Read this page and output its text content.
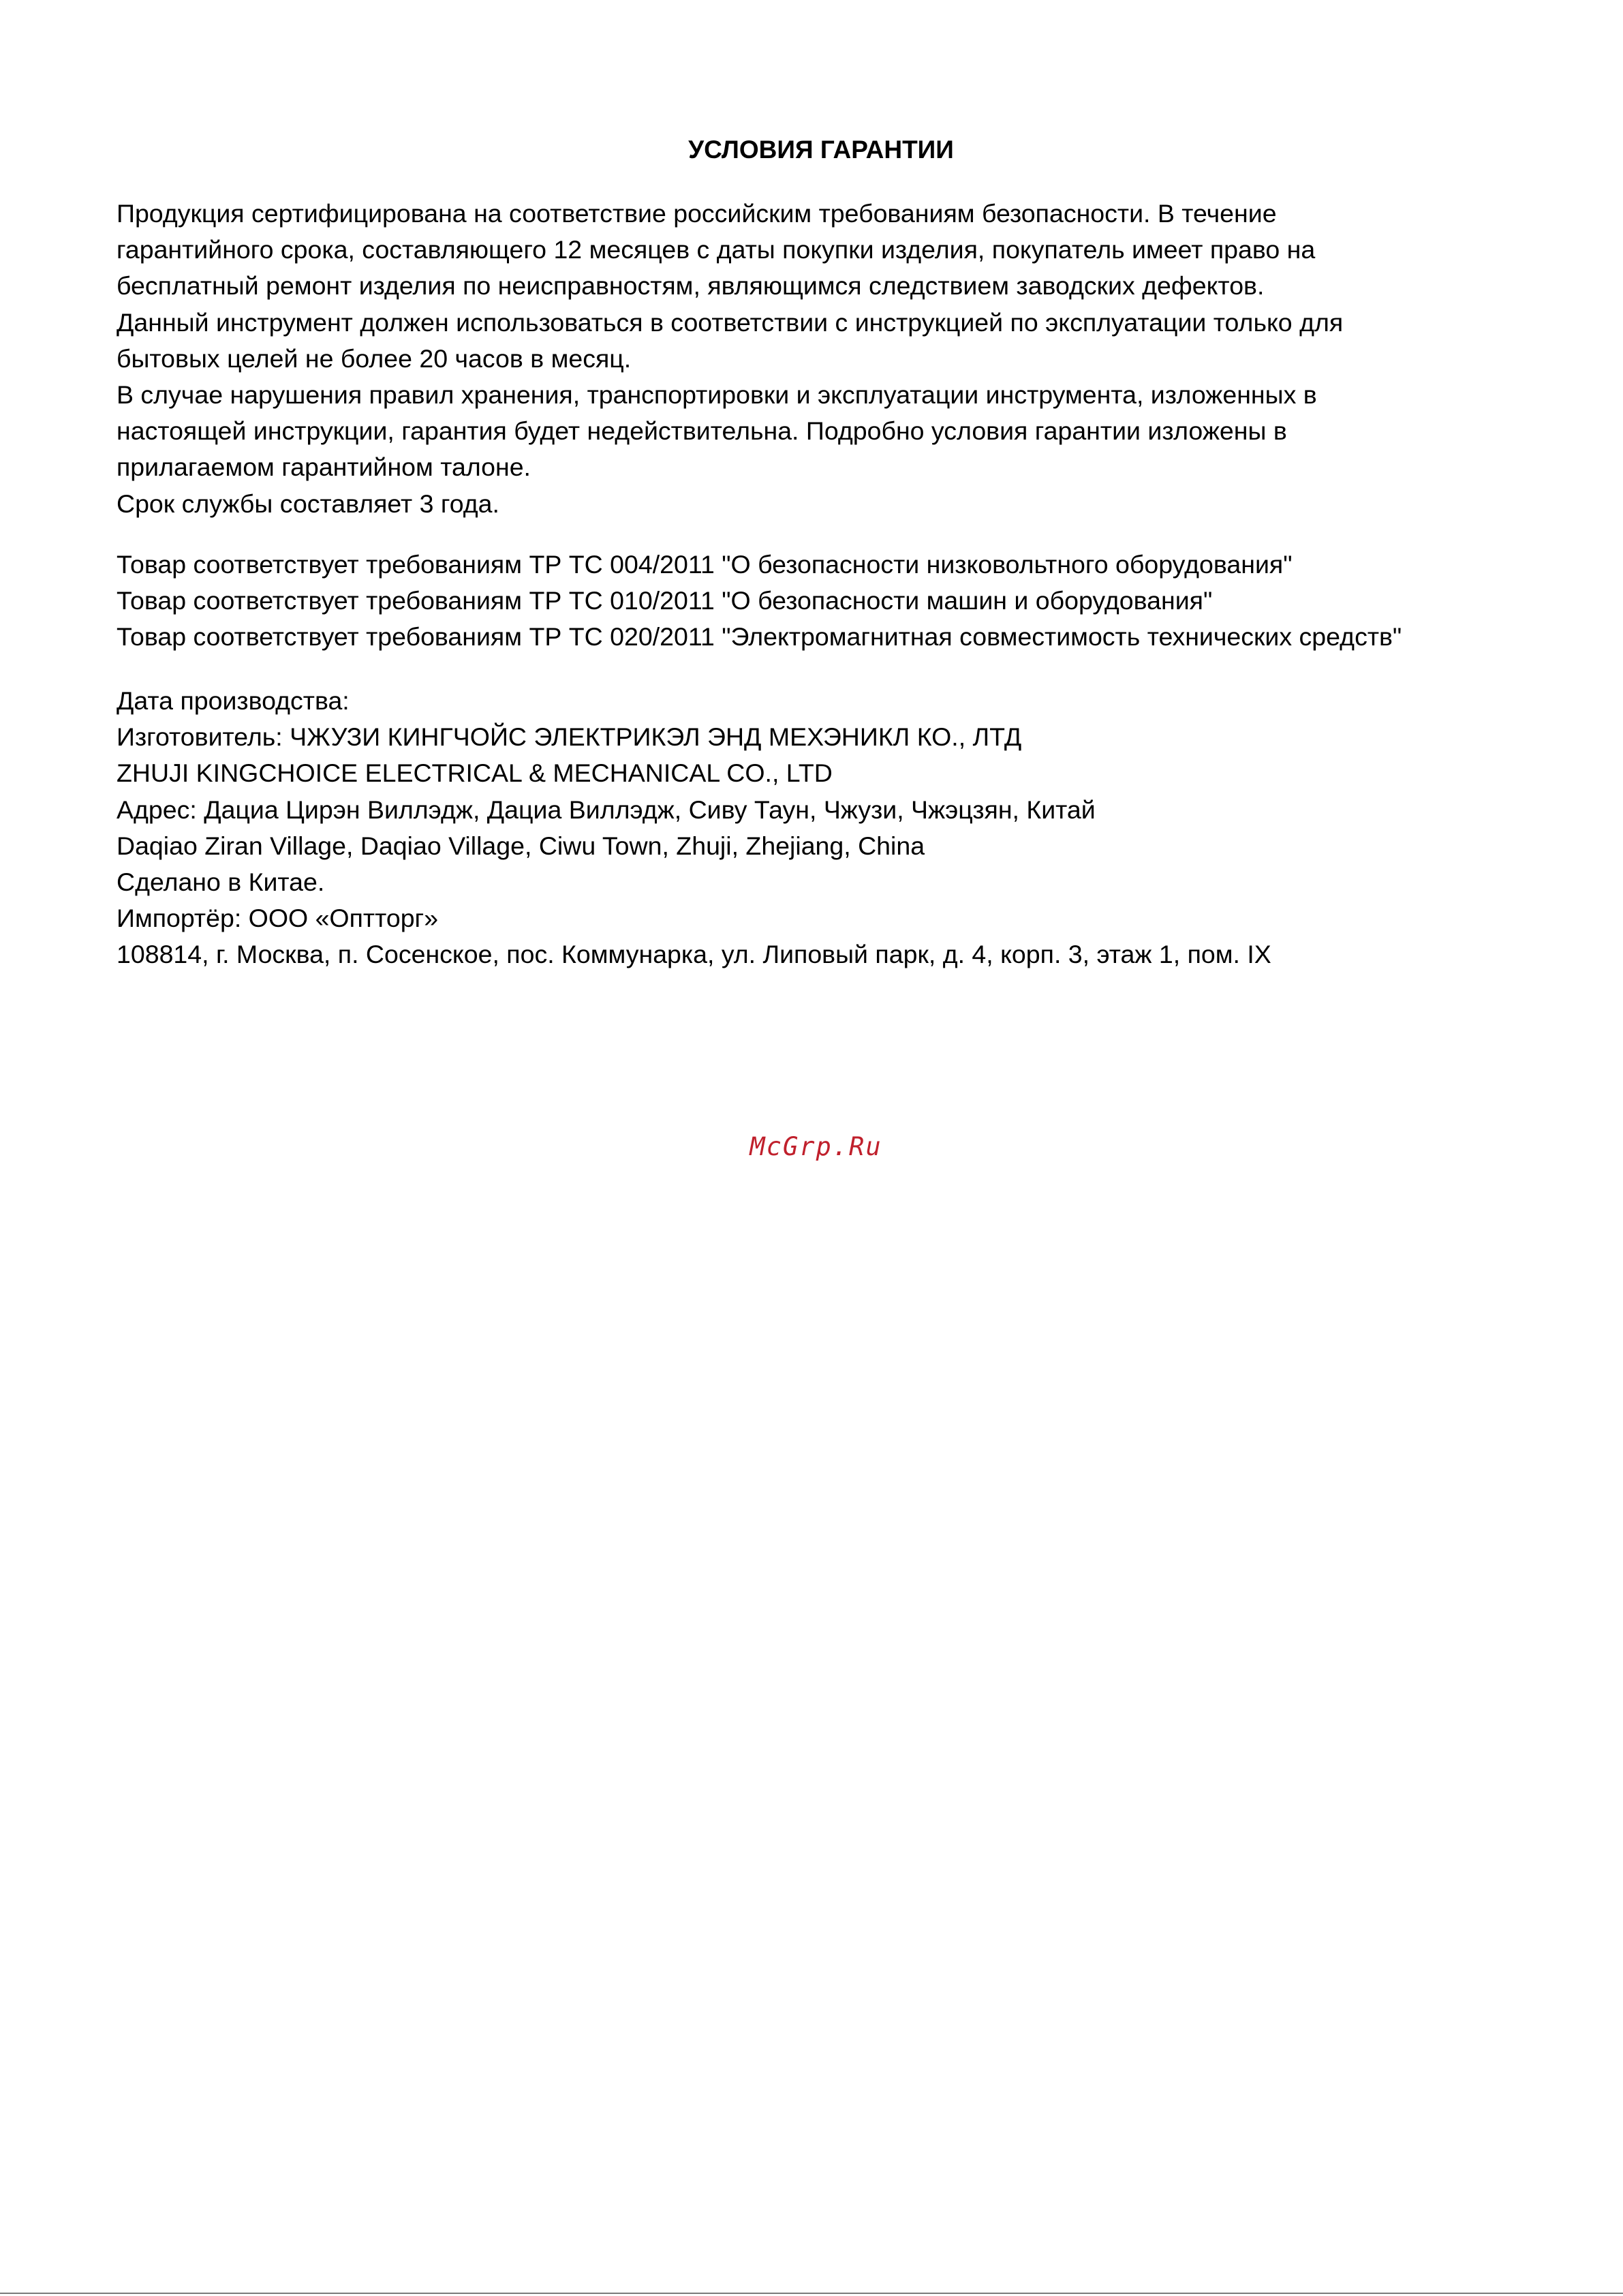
УСЛОВИЯ ГАРАНТИИ
Продукция сертифицирована на соответствие российским требованиям безопасности. В течение
гарантийного срока, составляющего 12 месяцев с даты покупки изделия, покупатель имеет право на
бесплатный ремонт изделия по неисправностям, являющимся следствием заводских дефектов.
Данный инструмент должен использоваться в соответствии с инструкцией по эксплуатации только для
бытовых целей не более 20 часов в месяц.
В случае нарушения правил хранения, транспортировки и эксплуатации инструмента, изложенных в
настоящей инструкции, гарантия будет недействительна. Подробно условия гарантии изложены в
прилагаемом гарантийном талоне.
Срок службы составляет 3 года.
Товар соответствует требованиям ТР ТС 004/2011 "О безопасности низковольтного оборудования"
Товар соответствует требованиям ТР ТС 010/2011 "О безопасности машин и оборудования"
Товар соответствует требованиям ТР ТС 020/2011 "Электромагнитная совместимость технических средств"
Дата производства:
Изготовитель: ЧЖУЗИ КИНГЧОЙС ЭЛЕКТРИКЭЛ ЭНД МЕХЭНИКЛ КО., ЛТД
ZHUJI KINGCHOICE ELECTRICAL & MECHANICAL CO., LTD
Адрес: Дациа Цирэн Виллэдж, Дациа Виллэдж, Сиву Таун, Чжузи, Чжэцзян, Китай
Daqiao Ziran Village, Daqiao Village, Ciwu Town, Zhuji, Zhejiang, China
Сделано в Китае.
Импортёр: ООО «Оптторг»
108814, г. Москва, п. Сосенское, пос. Коммунарка, ул. Липовый парк, д. 4, корп. 3, этаж 1, пом. IX
McGrp.Ru
